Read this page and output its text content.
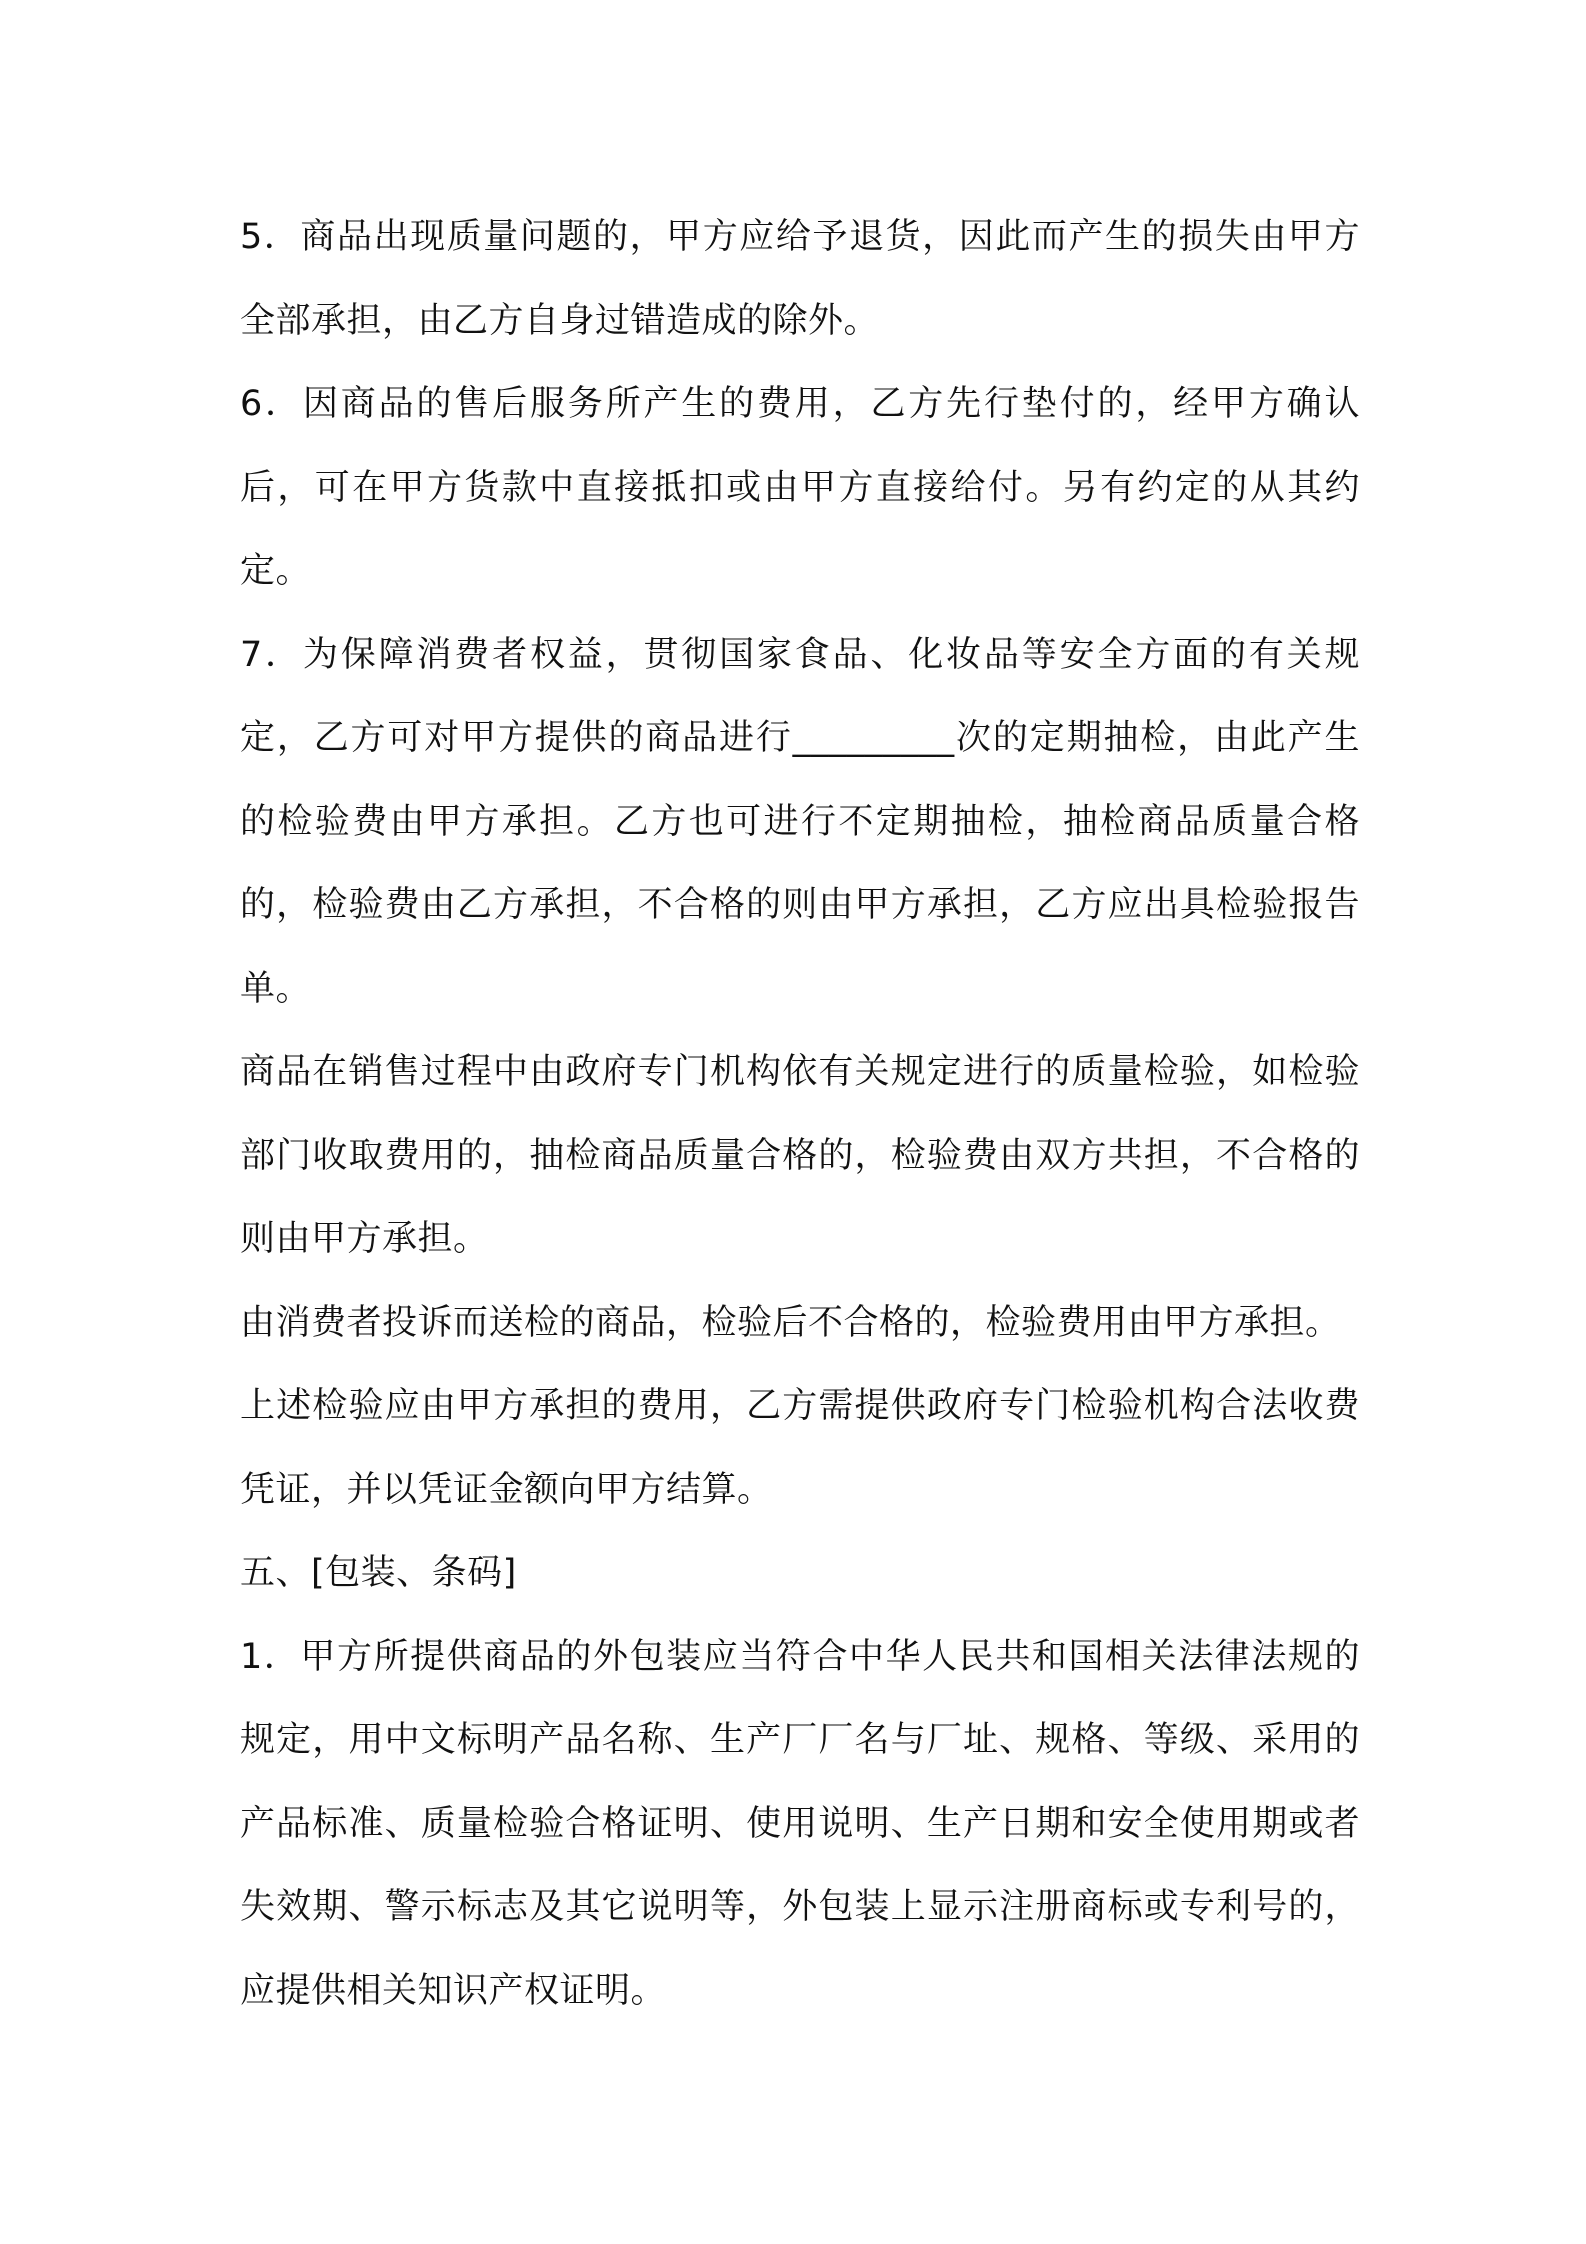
5．商品出现质量问题的，甲方应给予退货，因此而产生的损失由甲方全部承担，由乙方自身过错造成的除外。

6．因商品的售后服务所产生的费用，乙方先行垫付的，经甲方确认后，可在甲方货款中直接抵扣或由甲方直接给付。另有约定的从其约定。

7．为保障消费者权益，贯彻国家食品、化妆品等安全方面的有关规定，乙方可对甲方提供的商品进行_________次的定期抽检，由此产生的检验费由甲方承担。乙方也可进行不定期抽检，抽检商品质量合格的，检验费由乙方承担，不合格的则由甲方承担，乙方应出具检验报告单。

商品在销售过程中由政府专门机构依有关规定进行的质量检验，如检验部门收取费用的，抽检商品质量合格的，检验费由双方共担，不合格的则由甲方承担。

由消费者投诉而送检的商品，检验后不合格的，检验费用由甲方承担。

上述检验应由甲方承担的费用，乙方需提供政府专门检验机构合法收费凭证，并以凭证金额向甲方结算。

五、[包装、条码]

1．甲方所提供商品的外包装应当符合中华人民共和国相关法律法规的规定，用中文标明产品名称、生产厂厂名与厂址、规格、等级、采用的产品标准、质量检验合格证明、使用说明、生产日期和安全使用期或者失效期、警示标志及其它说明等，外包装上显示注册商标或专利号的，应提供相关知识产权证明。
